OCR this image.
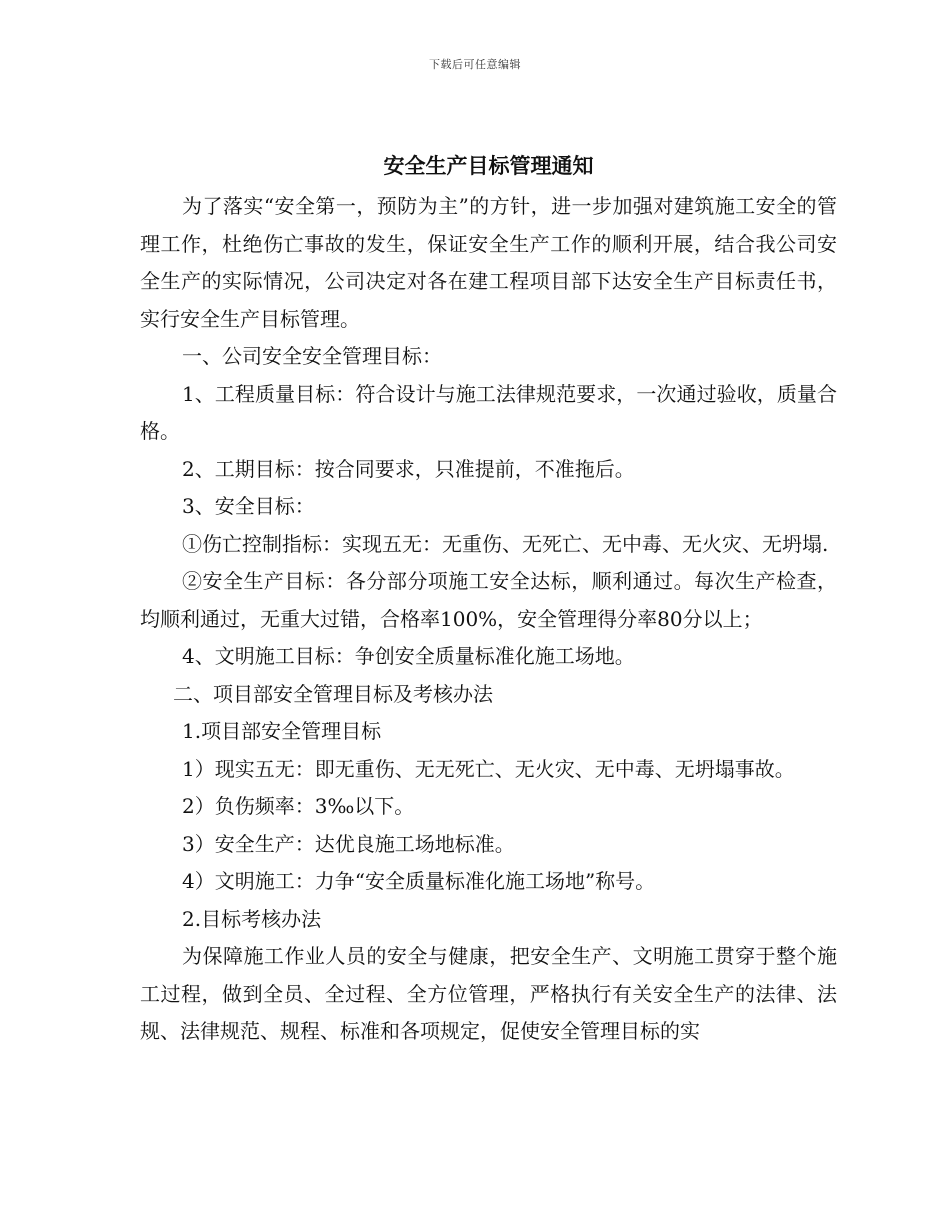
下载后可任意编辑
安全生产目标管理通知

为了落实“安全第一，预防为主”的方针，进一步加强对建筑施工安全的管理工作，杜绝伤亡事故的发生，保证安全生产工作的顺利开展，结合我公司安全生产的实际情况，公司决定对各在建工程项目部下达安全生产目标责任书，实行安全生产目标管理。

一、公司安全安全管理目标：

1、工程质量目标：符合设计与施工法律规范要求，一次通过验收，质量合格。

2、工期目标：按合同要求，只准提前，不准拖后。

3、安全目标：

①伤亡控制指标：实现五无：无重伤、无死亡、无中毒、无火灾、无坍塌.

②安全生产目标：各分部分项施工安全达标，顺利通过。每次生产检查，均顺利通过，无重大过错，合格率100%，安全管理得分率80分以上；

4、文明施工目标：争创安全质量标准化施工场地。

二、项目部安全管理目标及考核办法

1.项目部安全管理目标

1）现实五无：即无重伤、无无死亡、无火灾、无中毒、无坍塌事故。

2）负伤频率：3‰以下。

3）安全生产：达优良施工场地标准。

4）文明施工：力争“安全质量标准化施工场地”称号。

2.目标考核办法

为保障施工作业人员的安全与健康，把安全生产、文明施工贯穿于整个施工过程，做到全员、全过程、全方位管理，严格执行有关安全生产的法律、法规、法律规范、规程、标准和各项规定，促使安全管理目标的实
